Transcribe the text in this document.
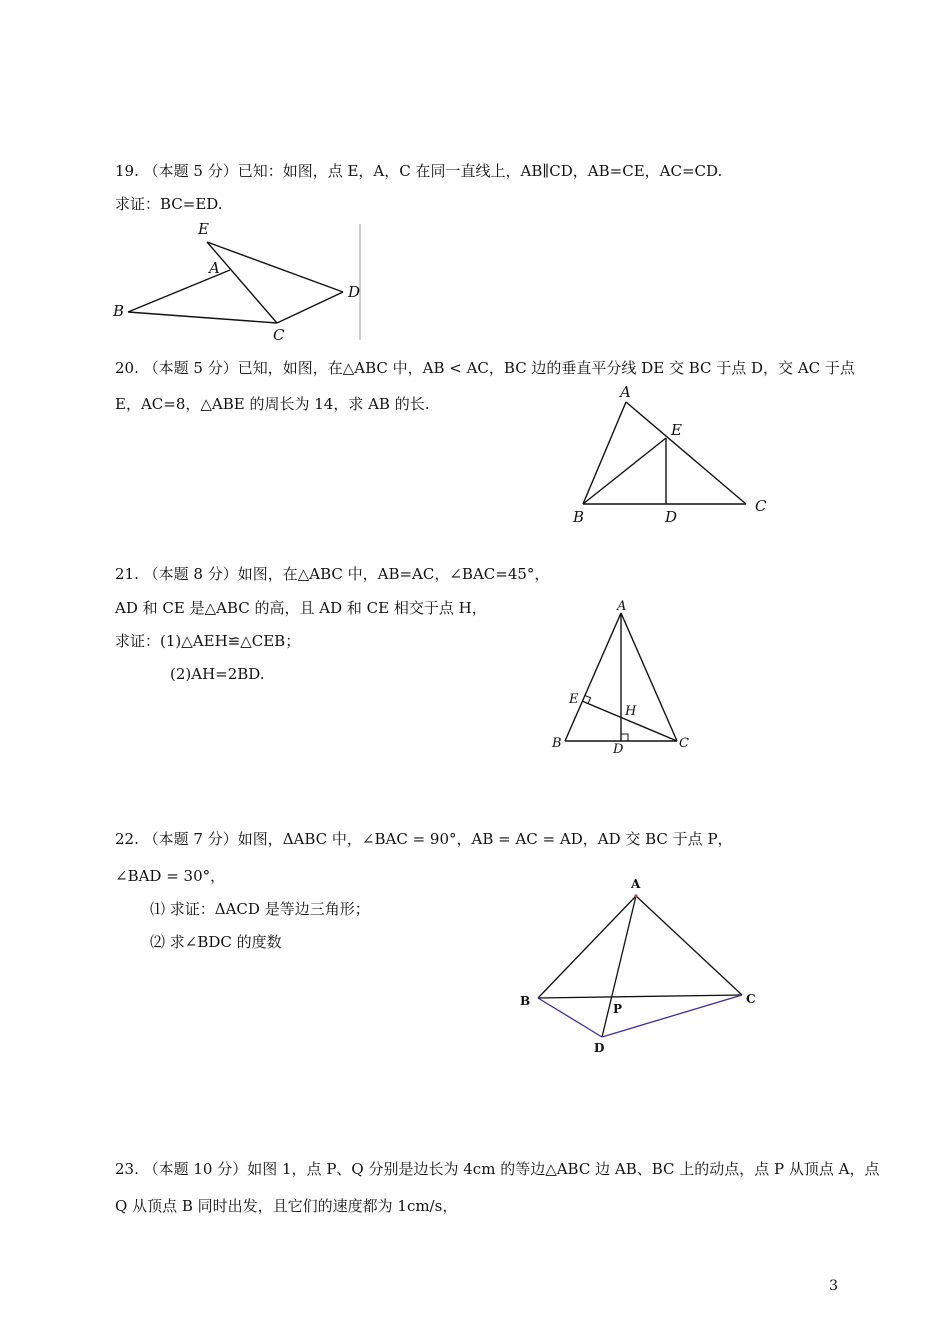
19. （本题 5 分）已知：如图，点 E，A，C 在同一直线上，AB∥CD，AB=CE，AC=CD.
求证：BC=ED.
E
A
B
C
D
20. （本题 5 分）已知，如图，在△ABC 中，AB < AC，BC 边的垂直平分线 DE 交 BC 于点 D，交 AC 于点
E，AC=8，△ABE 的周长为 14，求 AB 的长.
A
E
B	D
C
21. （本题 8 分）如图，在△ABC 中，AB=AC，∠BAC=45°，
AD 和 CE 是△ABC 的高，且 AD 和 CE 相交于点 H，
求证：(1)△AEH≌△CEB；
(2)AH=2BD.
A
E
H
B	D	C
22. （本题 7 分）如图，ΔABC 中，∠BAC = 90°，AB = AC = AD，AD 交 BC 于点 P，
∠BAD = 30°，
⑴ 求证：ΔACD 是等边三角形；
⑵ 求∠BDC 的度数
A
B	C
P
D
23. （本题 10 分）如图 1，点 P、Q 分别是边长为 4cm 的等边△ABC 边 AB、BC 上的动点，点 P 从顶点 A，点
Q 从顶点 B 同时出发，且它们的速度都为 1cm/s，
3
